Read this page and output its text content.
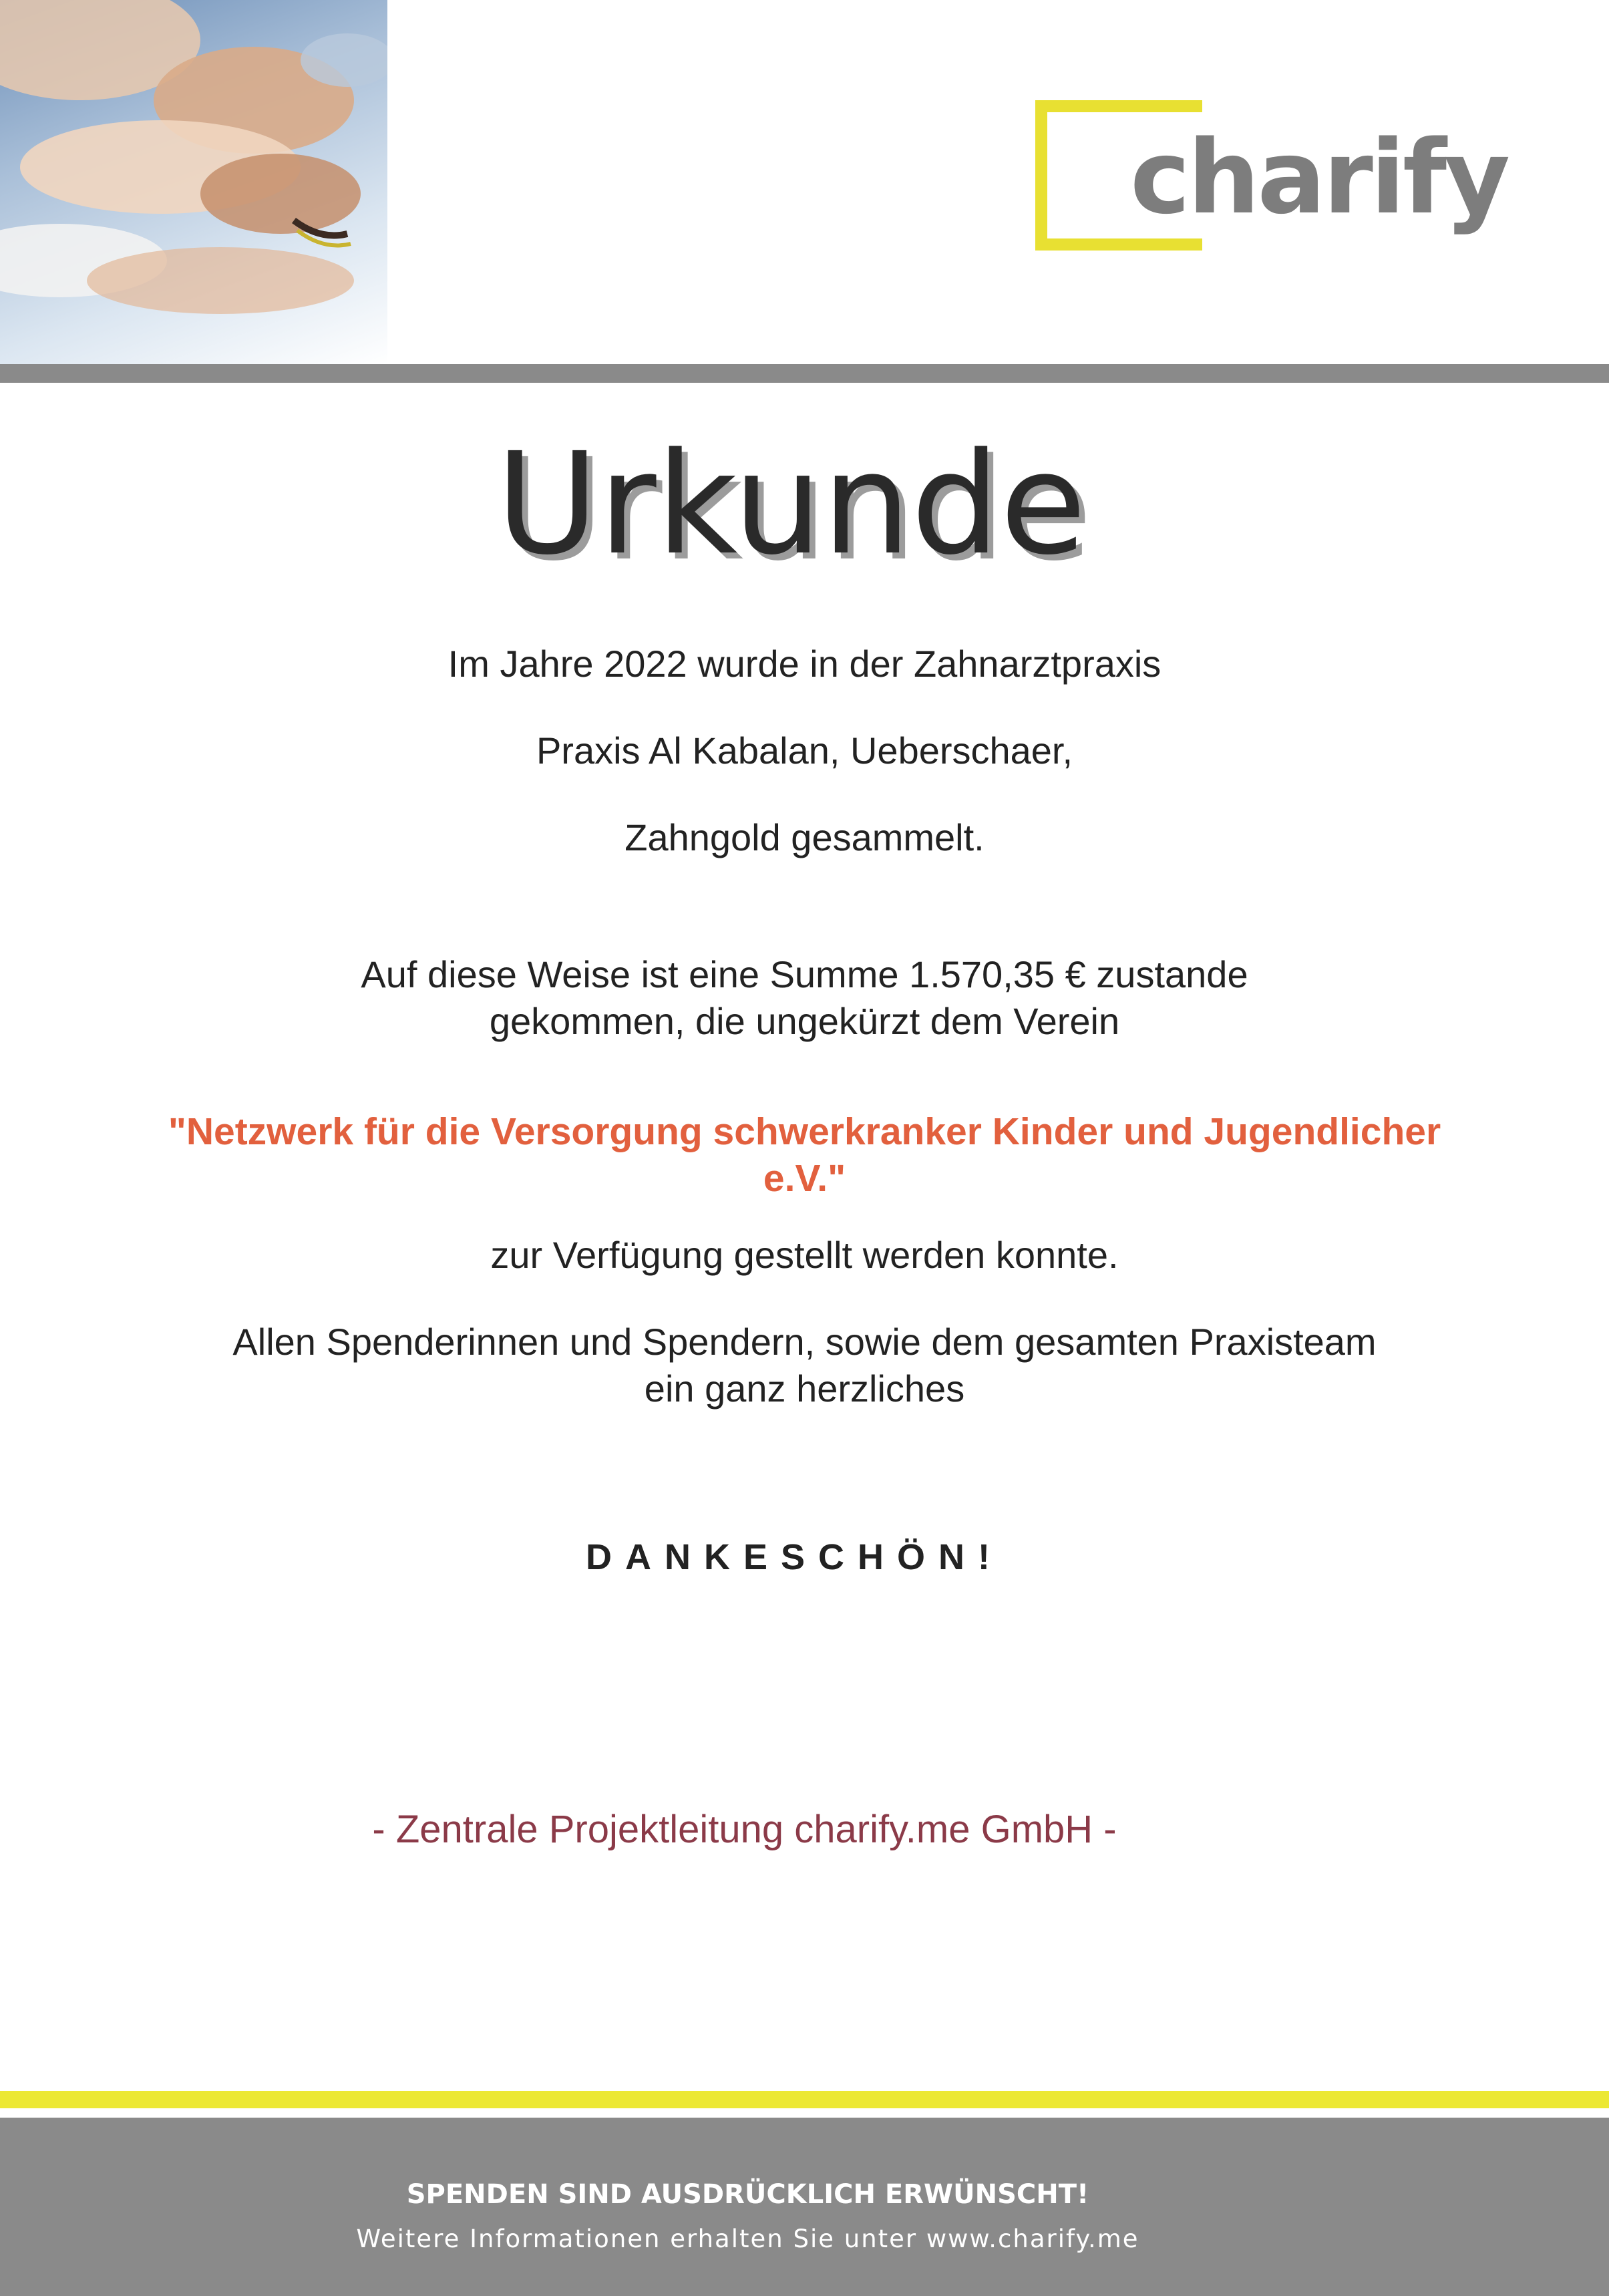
charify
Urkunde
Im Jahre 2022 wurde in der Zahnarztpraxis
Praxis Al Kabalan, Ueberschaer,
Zahngold gesammelt.
Auf diese Weise ist eine Summe 1.570,35 € zustande
gekommen, die ungekürzt dem Verein
"Netzwerk für die Versorgung schwerkranker Kinder und Jugendlicher
e.V."
zur Verfügung gestellt werden konnte.
Allen Spenderinnen und Spendern, sowie dem gesamten Praxisteam
ein ganz herzliches
DANKESCHÖN!
- Zentrale Projektleitung charify.me GmbH -
SPENDEN SIND AUSDRÜCKLICH ERWÜNSCHT!
Weitere Informationen erhalten Sie unter www.charify.me
